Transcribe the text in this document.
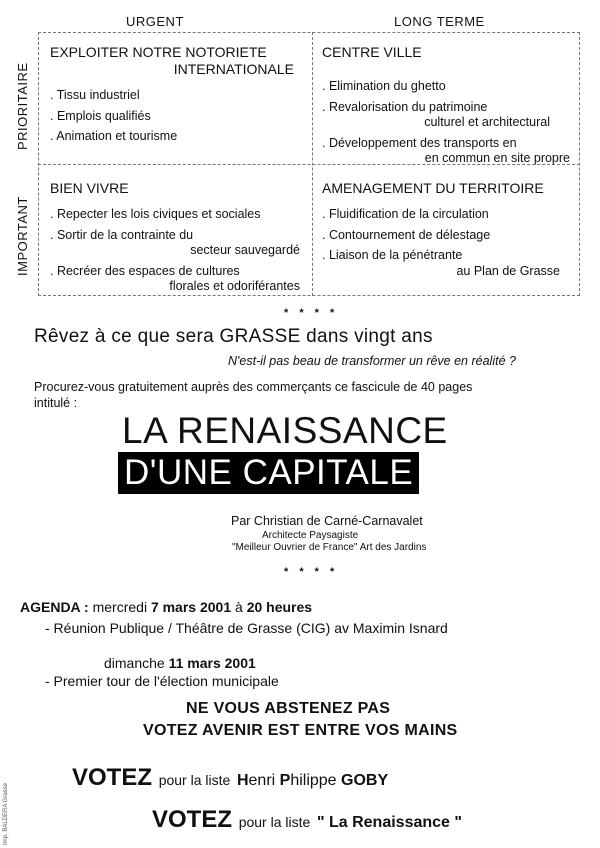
URGENT	LONG TERME
PRIORITAIRE
IMPORTANT
EXPLOITER NOTRE NOTORIETE
INTERNATIONALE
. Tissu industriel
. Emplois qualifiés
. Animation et tourisme
CENTRE VILLE
. Elimination du ghetto
. Revalorisation du patrimoine
culturel et architectural
. Développement des transports en
en commun en site propre
BIEN VIVRE
. Repecter les lois civiques et sociales
. Sortir de la contrainte du
secteur sauvegardé
. Recréer des espaces de cultures
florales et odoriférantes
AMENAGEMENT DU TERRITOIRE
. Fluidification de la circulation
. Contournement de délestage
. Liaison de la pénétrante
au Plan de Grasse
* * * *
Rêvez à ce que sera GRASSE dans vingt ans
N'est-il pas beau de transformer un rêve en réalité ?
Procurez-vous gratuitement auprès des commerçants ce fascicule de 40 pages
intitulé :
LA RENAISSANCE
D'UNE CAPITALE
Par Christian de Carné-Carnavalet
Architecte Paysagiste
"Meilleur Ouvrier de France" Art des Jardins
* * * *
AGENDA : mercredi 7 mars 2001 à 20 heures
- Réunion Publique / Théâtre de Grasse (CIG) av Maximin Isnard
dimanche 11 mars 2001
- Premier tour de l'élection municipale
NE VOUS ABSTENEZ PAS
VOTEZ AVENIR EST ENTRE VOS MAINS
VOTEZ pour la liste Henri Philippe GOBY
VOTEZ pour la liste " La Renaissance "
Imp. BALDERA Grasse
